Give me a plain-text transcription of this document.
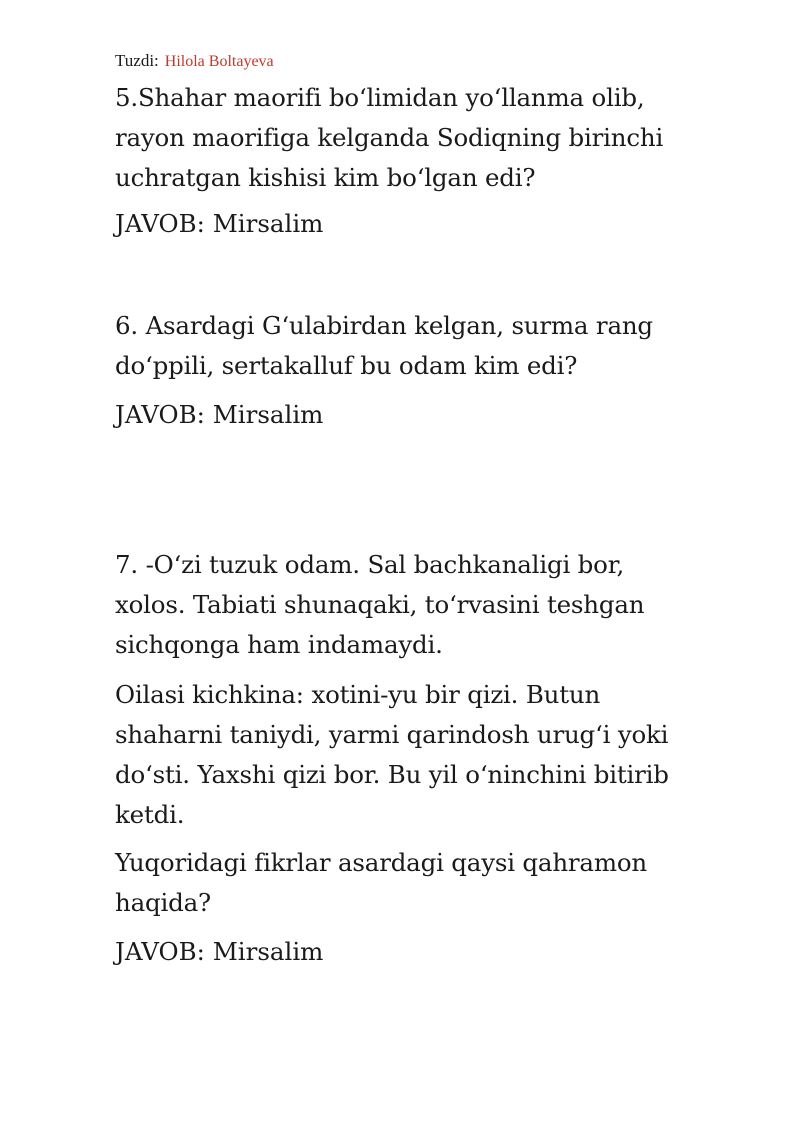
Tuzdi: Hilola Boltayeva
5.Shahar maorifi bo‘limidan yo‘llanma olib,
rayon maorifiga kelganda Sodiqning birinchi
uchratgan kishisi kim bo‘lgan edi?
JAVOB: Mirsalim
6. Asardagi G‘ulabirdan kelgan, surma rang
do‘ppili, sertakalluf bu odam kim edi?
JAVOB: Mirsalim
7. -O‘zi tuzuk odam. Sal bachkanaligi bor,
xolos. Tabiati shunaqaki, to‘rvasini teshgan
sichqonga ham indamaydi.
Oilasi kichkina: xotini-yu bir qizi. Butun
shaharni taniydi, yarmi qarindosh urug‘i yoki
do‘sti. Yaxshi qizi bor. Bu yil o‘ninchini bitirib
ketdi.
Yuqoridagi fikrlar asardagi qaysi qahramon
haqida?
JAVOB: Mirsalim
